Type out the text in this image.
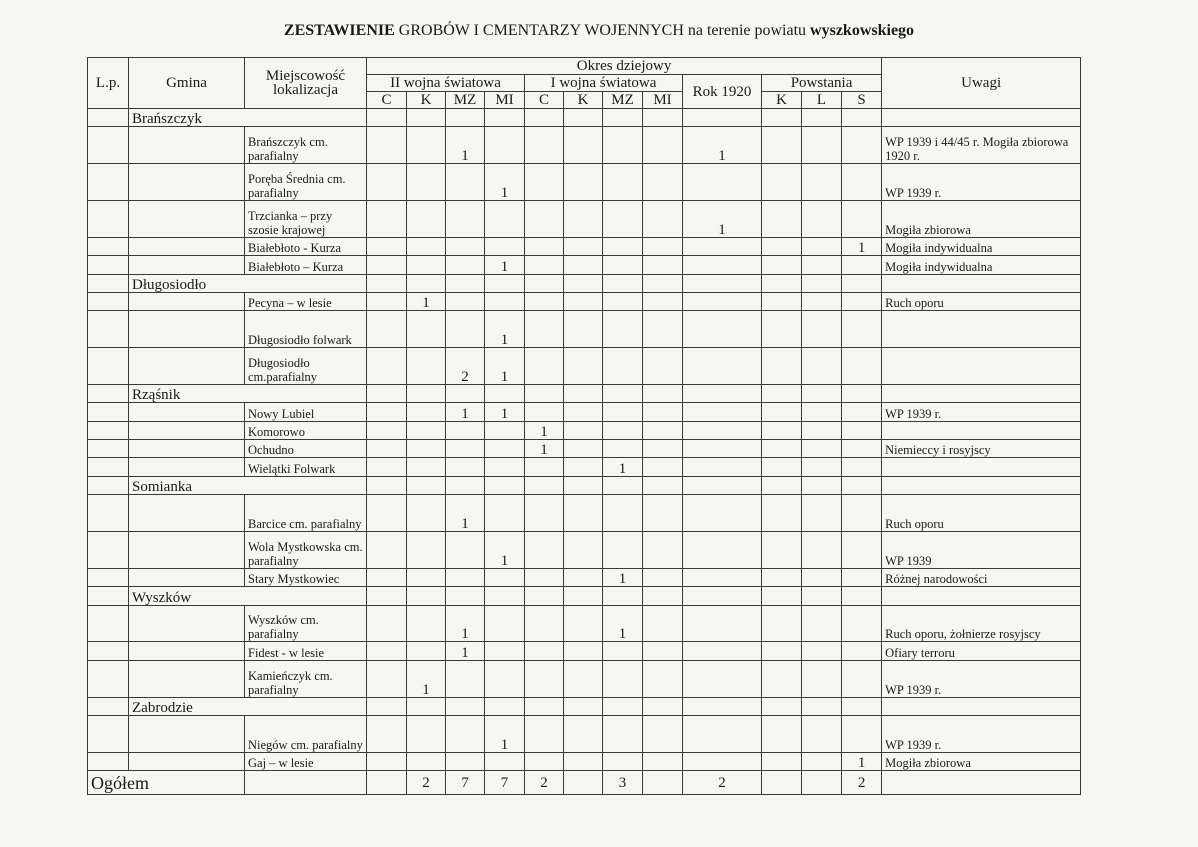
ZESTAWIENIE GROBÓW I CMENTARZY WOJENNYCH na terenie powiatu wyszkowskiego
L.p.	Gmina	Miejscowość lokalizacja	Okres dziejowy												Uwagi
			II wojna światowa				I wojna światowa				Rok 1920	Powstania			
			C	K	MZ	MI	C	K	MZ	MI		K	L	S	
	Brańszczyk														
		Brańszczyk cm. parafialny			1						1				WP 1939 i 44/45 r. Mogiła zbiorowa 1920 r.
		Poręba Średnia cm. parafialny				1									WP 1939 r.
		Trzcianka – przy szosie krajowej									1				Mogiła zbiorowa
		Białebłoto - Kurza												1	Mogiła indywidualna
		Białebłoto – Kurza				1									Mogiła indywidualna
	Długosiodło														
		Pecyna – w lesie		1											Ruch oporu
		Długosiodło folwark				1									
		Długosiodło cm.parafialny			2	1									
	Rząśnik														
		Nowy Lubiel			1	1									WP 1939 r.
		Komorowo					1								
		Ochudno					1								Niemieccy i rosyjscy
		Wielątki Folwark							1						
	Somianka														
		Barcice cm. parafialny			1										Ruch oporu
		Wola Mystkowska cm. parafialny				1									WP 1939
		Stary Mystkowiec							1						Różnej narodowości
	Wyszków														
		Wyszków cm. parafialny			1				1						Ruch oporu, żołnierze rosyjscy
		Fidest - w lesie			1										Ofiary terroru
		Kamieńczyk cm. parafialny		1											WP 1939 r.
	Zabrodzie														
		Niegów cm. parafialny				1									WP 1939 r.
		Gaj – w lesie												1	Mogiła zbiorowa
Ogółem				2	7	7	2		3		2			2	
